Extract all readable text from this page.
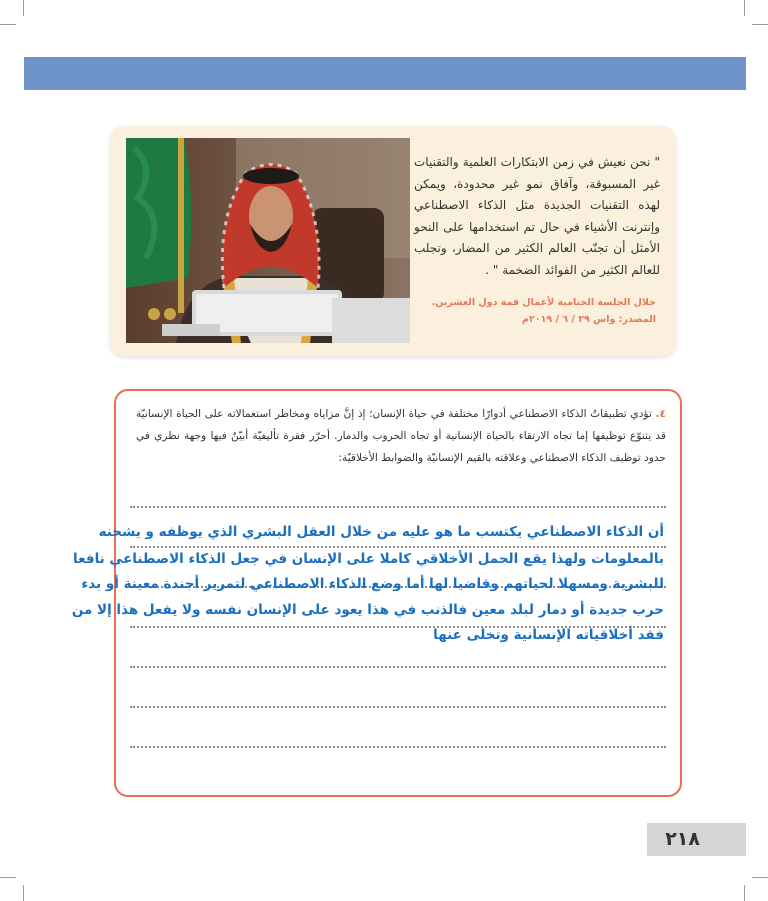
" نحن نعيش في زمن الابتكارات العلمية والتقنيات غير المسبوقة، وآفاق نمو غير محدودة، ويمكن لهذه التقنيات الجديدة مثل الذكاء الاصطناعي وإنترنت الأشياء في حال تم استخدامها على النحو الأمثل أن تجنّب العالم الكثير من المضار، وتجلب للعالم الكثير من الفوائد الضخمة " .
خلال الجلسة الختامية لأعمال قمة دول العشرين.
المصدر: واس ٢٩ / ٦ / ٢٠١٩م
٤. تؤدي تطبيقاتُ الذكاء الاصطناعي أدوارًا مختلفة في حياة الإنسان؛ إذ إنَّ مزاياه ومخاطر استعمالاته على الحياة الإنسانيّة قد يتنوّع توظيفها إما تجاه الارتقاء بالحياة الإنسانية أو تجاه الحروب والدمار. أحرّر فقرة تأليفيّة أبيّنُ فيها وجهة نظري في حدود توظيف الذكاء الاصطناعي وعلاقته بالقيم الإنسانيّة والضوابط الأخلاقيّة:
أن الذكاء الاصطناعي يكتسب ما هو عليه من خلال العقل البشري الذي يوظفه و يشحنه
بالمعلومات ولهذا يقع الحمل الأخلاقي كاملا على الإنسان في جعل الذكاء الاصطناعي نافعا
للبشرية ومسهلا لحياتهم وقاضيا لها أما وضع الذكاء الاصطناعي لتمرير أجندة معينة أو بدء
حرب جديدة أو دمار لبلد معين فالذنب في هذا يعود على الإنسان نفسه ولا يفعل هذا إلا من
فقد أخلاقياته الإنسانية وتخلى عنها
٢١٨
